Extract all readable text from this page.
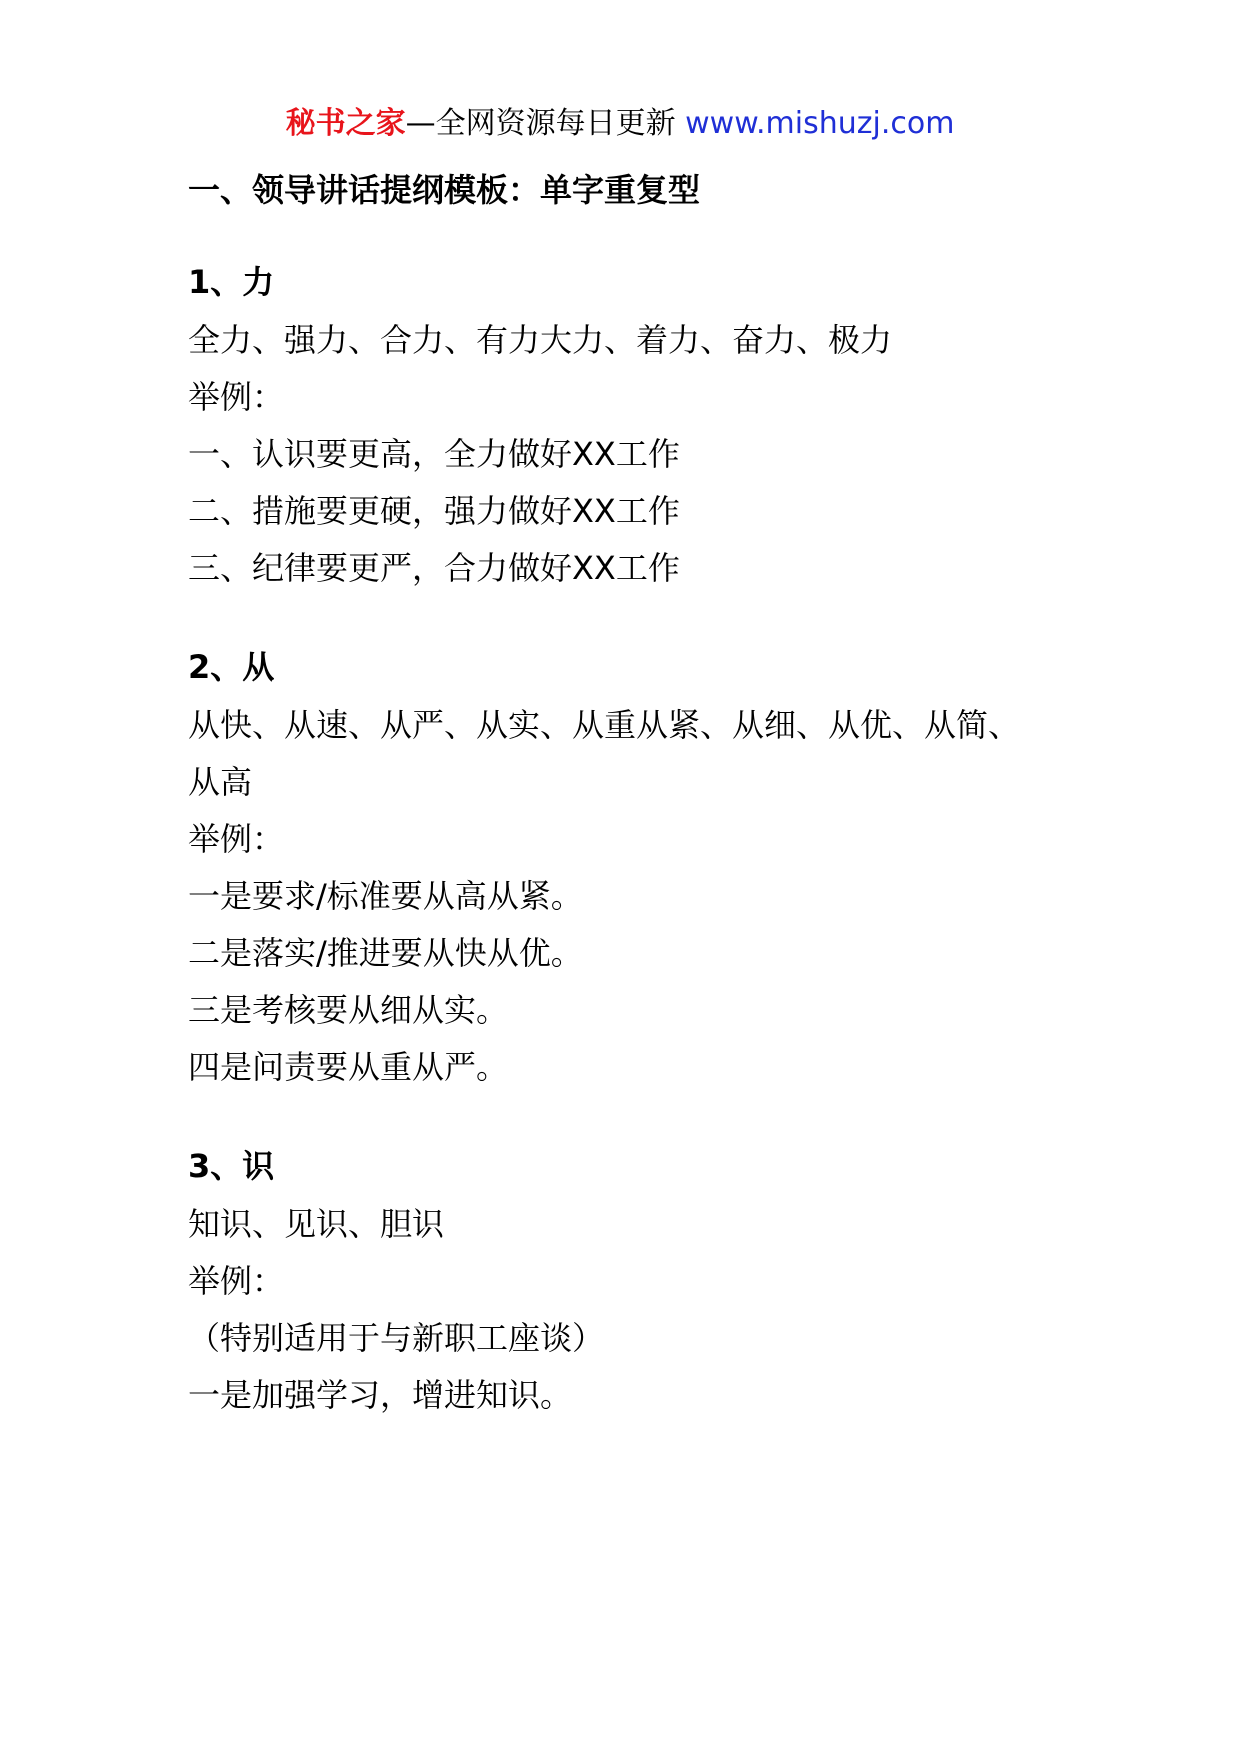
秘书之家—全网资源每日更新 www.mishuzj.com

一、领导讲话提纲模板：单字重复型

1、力

全力、强力、合力、有力大力、着力、奋力、极力

举例：

一、认识要更高，全力做好XX工作

二、措施要更硬，强力做好XX工作

三、纪律要更严，合力做好XX工作

2、从

从快、从速、从严、从实、从重从紧、从细、从优、从简、

从高

举例：

一是要求/标准要从高从紧。

二是落实/推进要从快从优。

三是考核要从细从实。

四是问责要从重从严。

3、识

知识、见识、胆识

举例：

（特别适用于与新职工座谈）

一是加强学习，增进知识。
